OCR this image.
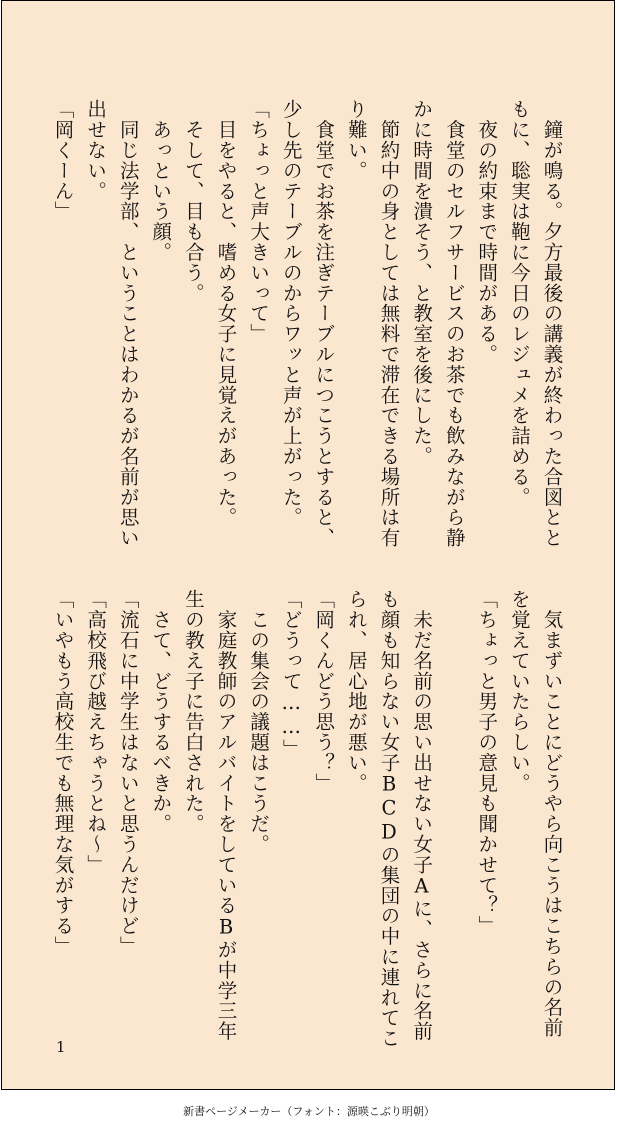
　鐘が鳴る。夕方最後の講義が終わった合図とと
もに、聡実は鞄に今日のレジュメを詰める。
　夜の約束まで時間がある。
　食堂のセルフサービスのお茶でも飲みながら静
かに時間を潰そう、と教室を後にした。
　節約中の身としては無料で滞在できる場所は有
り難い。
　食堂でお茶を注ぎテーブルにつこうとすると、
少し先のテーブルのからワッと声が上がった。
「ちょっと声大きいって」
　目をやると、嗜める女子に見覚えがあった。
　そして、目も合う。
　あっという顔。
　同じ法学部、ということはわかるが名前が思い
出せない。
「岡くーん」
　気まずいことにどうやら向こうはこちらの名前
を覚えていたらしい。
「ちょっと男子の意見も聞かせて？」
　未だ名前の思い出せない女子Aに、さらに名前
も顔も知らない女子BCDの集団の中に連れてこ
られ、居心地が悪い。
「岡くんどう思う？」
「どうって……」
　この集会の議題はこうだ。
　家庭教師のアルバイトをしているBが中学三年
生の教え子に告白された。
　さて、どうするべきか。
「流石に中学生はないと思うんだけど」
「高校飛び越えちゃうとね～」
「いやもう高校生でも無理な気がする」
1
新書ページメーカー（フォント：源暎こぶり明朝）
